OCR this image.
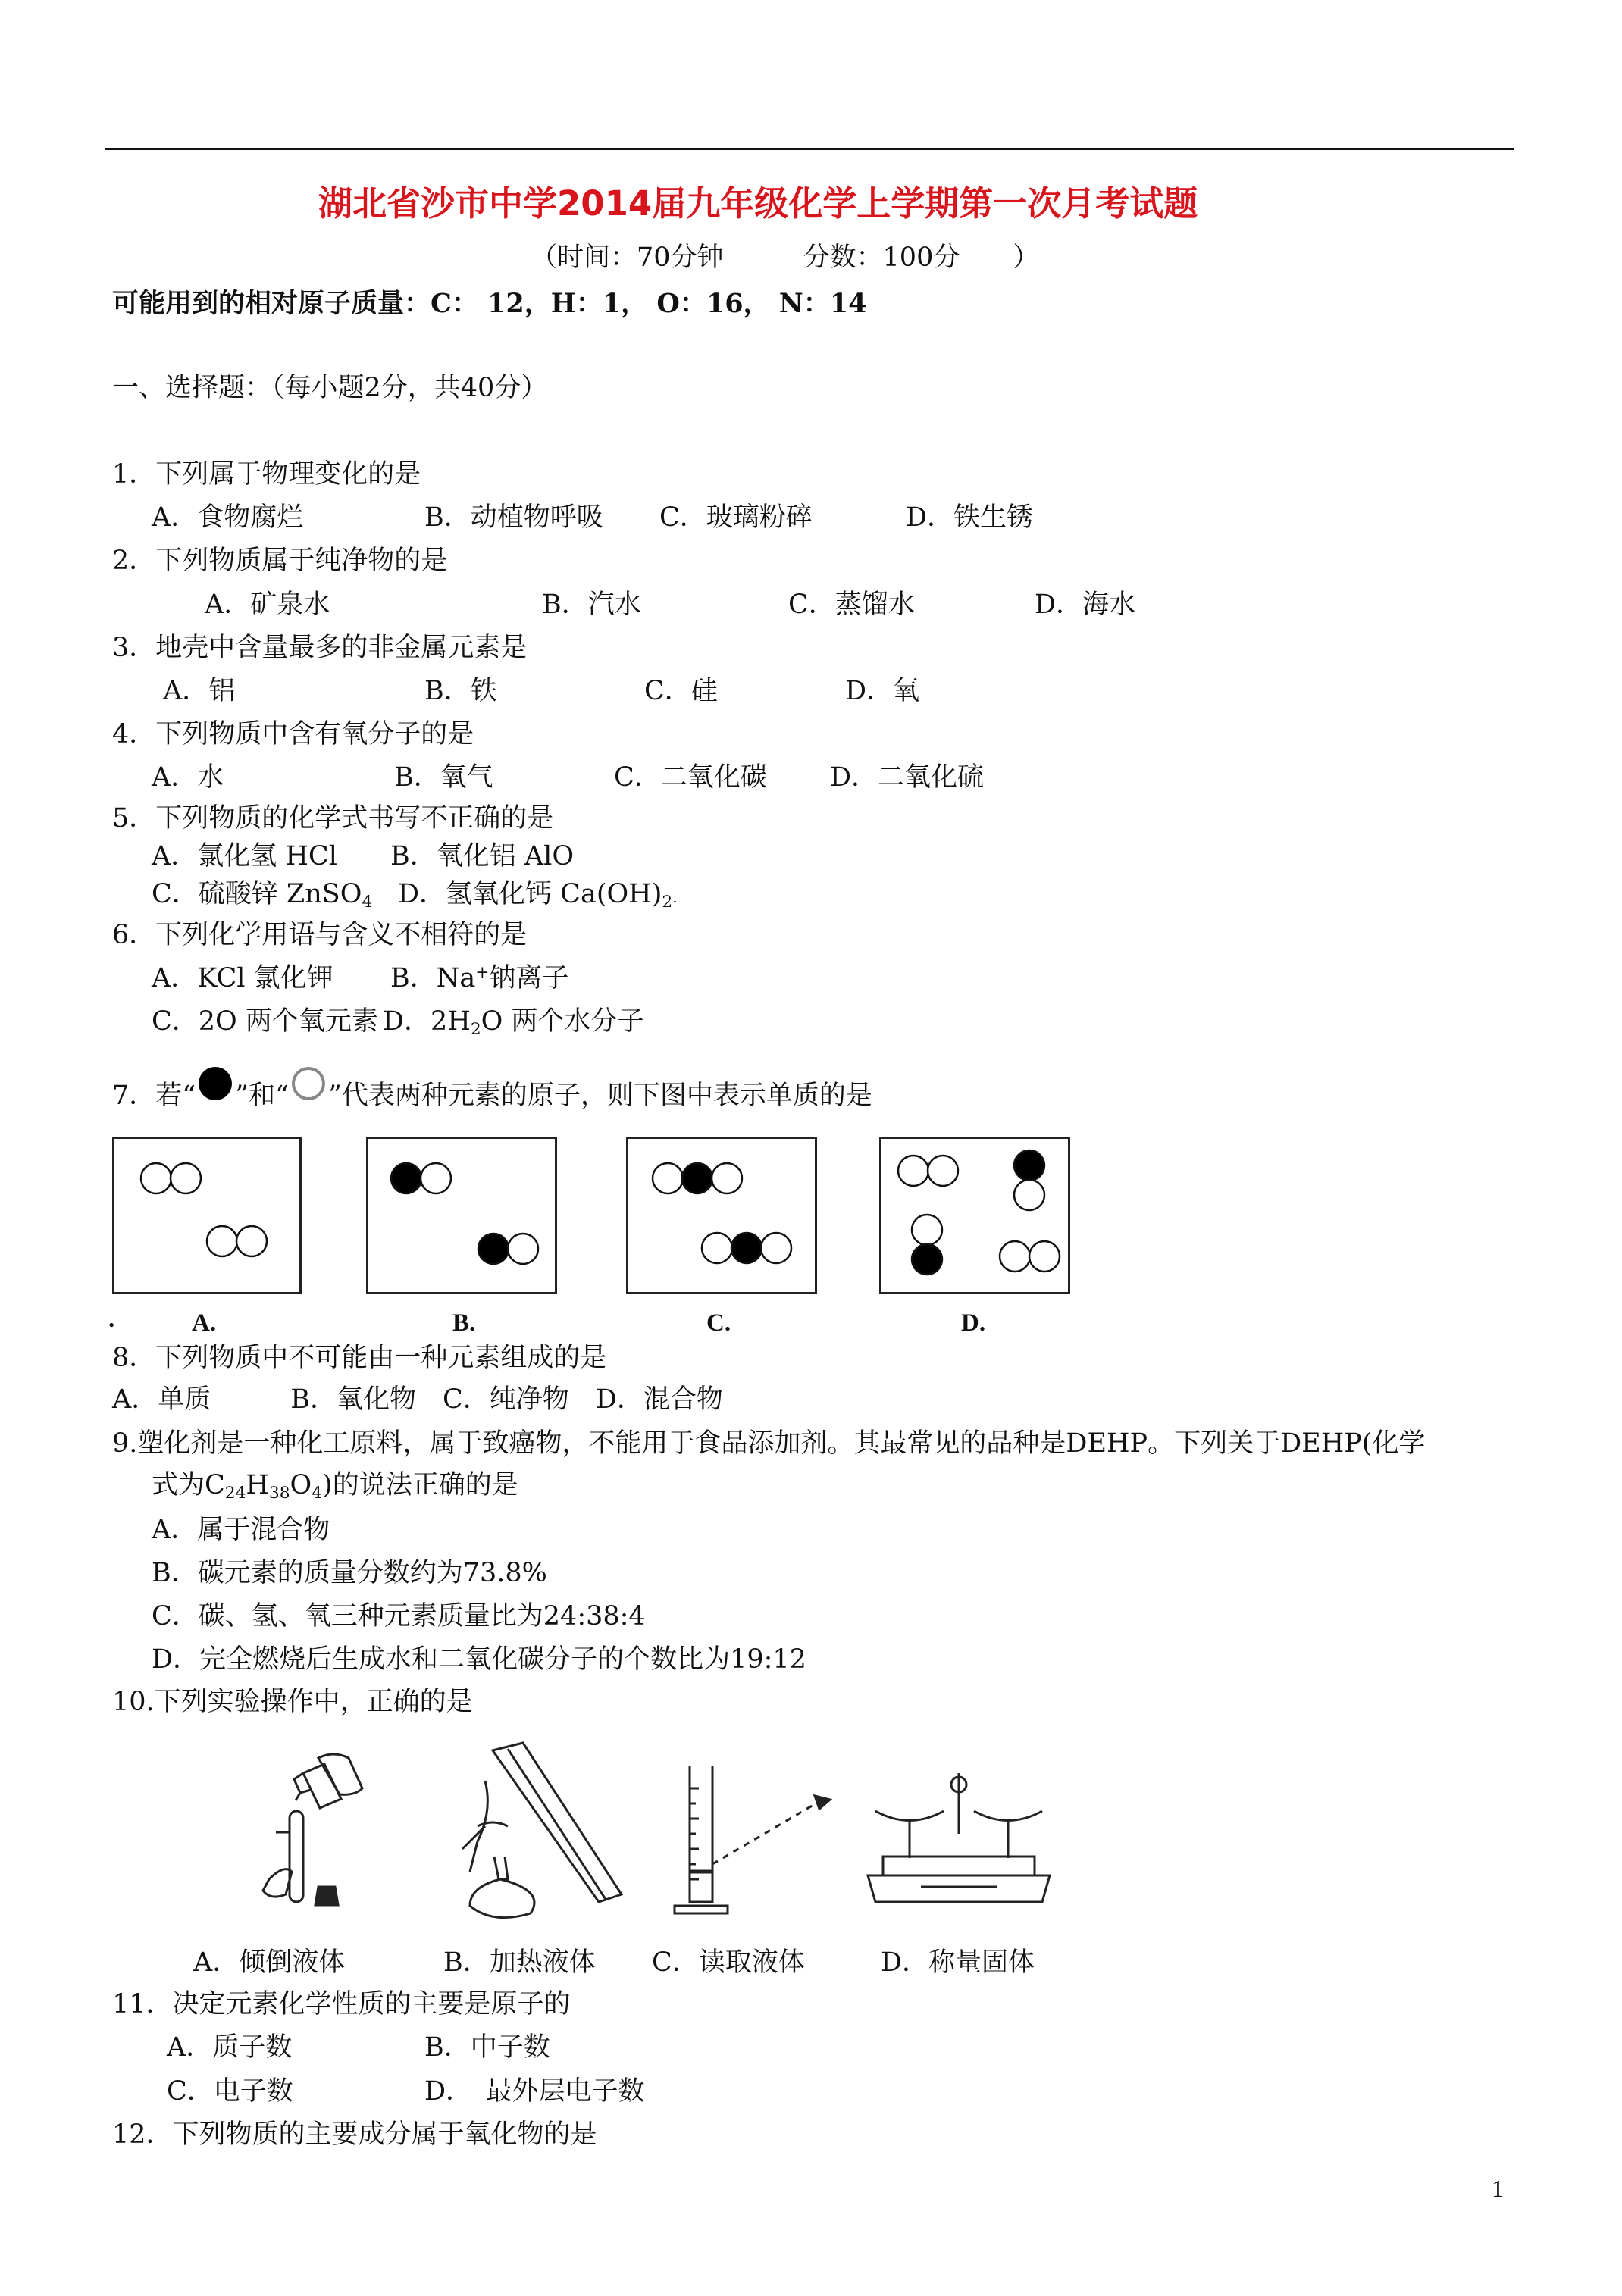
湖北省沙市中学2014届九年级化学上学期第一次月考试题
（时间：70分钟　　　分数：100分　　）
可能用到的相对原子质量：C： 12，H：1， O：16， N：14
一、选择题：（每小题2分，共40分）
1．下列属于物理变化的是
A．食物腐烂	B．动植物呼吸 C．玻璃粉碎	D．铁生锈
2．下列物质属于纯净物的是
A．矿泉水	B．汽水	C．蒸馏水	D．海水
3．地壳中含量最多的非金属元素是
A．铝	B．铁	C．硅	D．氧
4．下列物质中含有氧分子的是
A．水	B．氧气	C．二氧化碳 D．二氧化硫
5．下列物质的化学式书写不正确的是
A．氯化氢 HCl B．氧化铝 AlO
C．硫酸锌 ZnSO$_4$ D．氢氧化钙 $Ca(OH)_2$.
6．下列化学用语与含义不相符的是
A．KCl 氯化钾 B．Na+钠离子
C．2O 两个氧元素 D．$2H_2O$ 两个水分子
7．若“ ”和“ ”代表两种元素的原子，则下图中表示单质的是
.	A.	B.	C.	D.
8．下列物质中不可能由一种元素组成的是
A．单质　　　B．氧化物　C．纯净物　D．混合物
9.塑化剂是一种化工原料，属于致癌物，不能用于食品添加剂。其最常见的品种是DEHP。下列关于DEHP(化学
式为$C_{24}H_{38}O_4$)的说法正确的是
A．属于混合物
B．碳元素的质量分数约为73.8%
C．碳、氢、氧三种元素质量比为24:38:4
D．完全燃烧后生成水和二氧化碳分子的个数比为19:12
10.下列实验操作中，正确的是
A．倾倒液体	B．加热液体 C．读取液体	D．称量固体
11．决定元素化学性质的主要是原子的
A．质子数	B．中子数
C．电子数	D．　最外层电子数
12．下列物质的主要成分属于氧化物的是
1
